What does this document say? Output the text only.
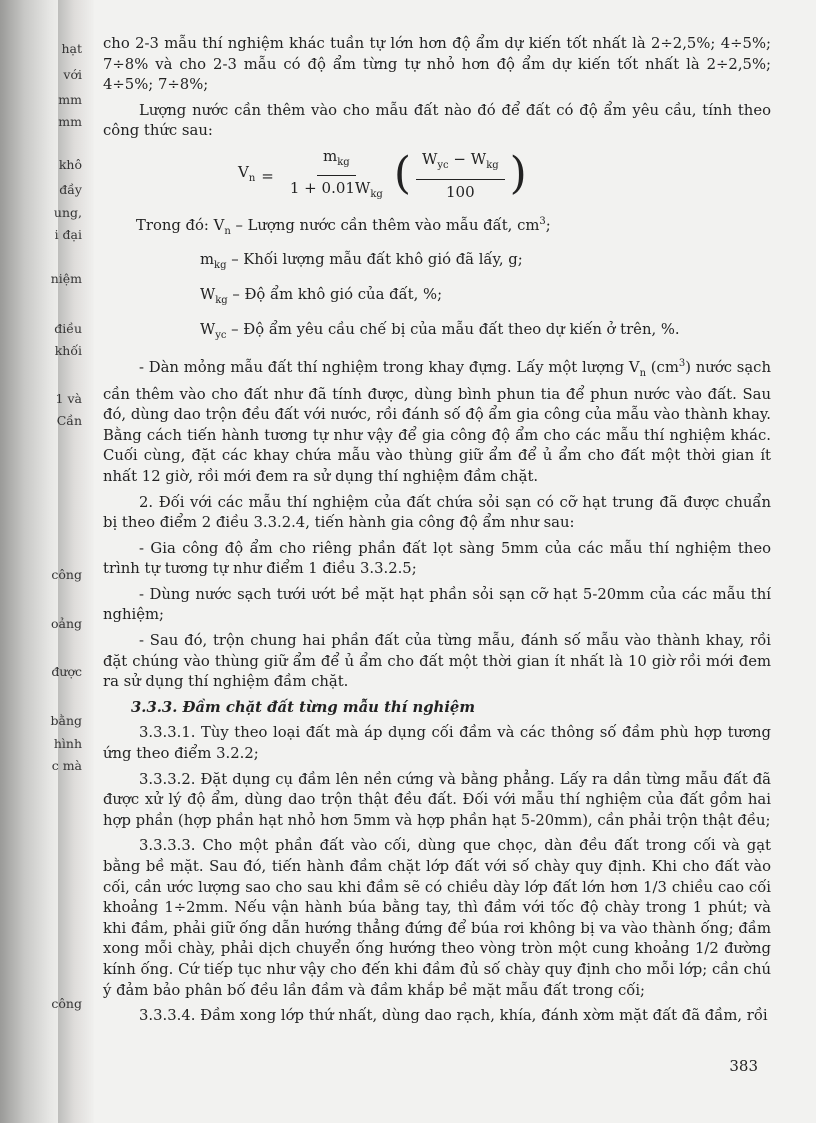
hạt
với
mm
mm
khô
đầy
ung,
i đại
niệm
điều
khối
1 và
Cần
công
oảng
được
bằng
hình
c mà
công

cho 2-3 mẫu thí nghiệm khác tuần tự lớn hơn độ ẩm dự kiến tốt nhất là 2÷2,5%; 4÷5%; 7÷8% và cho 2-3 mẫu có độ ẩm từng tự nhỏ hơn độ ẩm dự kiến tốt nhất là 2÷2,5%; 4÷5%; 7÷8%;

Lượng nước cần thêm vào cho mẫu đất nào đó để đất có độ ẩm yêu cầu, tính theo công thức sau:

$V_n = \frac{m_{kg}}{1 + 0.01W_{kg}}$ ( $\frac{W_{yc} - W_{kg}}{100}$ )
Trong đó: $V_n$ – Lượng nước cần thêm vào mẫu đất, $cm^3$;
$m_{kg}$ – Khối lượng mẫu đất khô gió đã lấy, g;
$W_{kg}$ – Độ ẩm khô gió của đất, %;
$W_{yc}$ – Độ ẩm yêu cầu chế bị của mẫu đất theo dự kiến ở trên, %.

- Dàn mỏng mẫu đất thí nghiệm trong khay đựng. Lấy một lượng $V_n$ $(cm^3)$ nước sạch cần thêm vào cho đất như đã tính được, dùng bình phun tia để phun nước vào đất. Sau đó, dùng dao trộn đều đất với nước, rồi đánh số độ ẩm gia công của mẫu vào thành khay. Bằng cách tiến hành tương tự như vậy để gia công độ ẩm cho các mẫu thí nghiệm khác. Cuối cùng, đặt các khay chứa mẫu vào thùng giữ ẩm để ủ ẩm cho đất một thời gian ít nhất 12 giờ, rồi mới đem ra sử dụng thí nghiệm đầm chặt.

2. Đối với các mẫu thí nghiệm của đất chứa sỏi sạn có cỡ hạt trung đã được chuẩn bị theo điểm 2 điều 3.3.2.4, tiến hành gia công độ ẩm như sau:

- Gia công độ ẩm cho riêng phần đất lọt sàng 5mm của các mẫu thí nghiệm theo trình tự tương tự như điểm 1 điều 3.3.2.5;

- Dùng nước sạch tưới ướt bề mặt hạt phần sỏi sạn cỡ hạt 5-20mm của các mẫu thí nghiệm;

- Sau đó, trộn chung hai phần đất của từng mẫu, đánh số mẫu vào thành khay, rồi đặt chúng vào thùng giữ ẩm để ủ ẩm cho đất một thời gian ít nhất là 10 giờ rồi mới đem ra sử dụng thí nghiệm đầm chặt.

3.3.3. Đầm chặt đất từng mẫu thí nghiệm

3.3.3.1. Tùy theo loại đất mà áp dụng cối đầm và các thông số đầm phù hợp tương ứng theo điểm 3.2.2;

3.3.3.2. Đặt dụng cụ đầm lên nền cứng và bằng phẳng. Lấy ra dần từng mẫu đất đã được xử lý độ ẩm, dùng dao trộn thật đều đất. Đối với mẫu thí nghiệm của đất gồm hai hợp phần (hợp phần hạt nhỏ hơn 5mm và hợp phần hạt 5-20mm), cần phải trộn thật đều;

3.3.3.3. Cho một phần đất vào cối, dùng que chọc, dàn đều đất trong cối và gạt bằng bề mặt. Sau đó, tiến hành đầm chặt lớp đất với số chày quy định. Khi cho đất vào cối, cần ước lượng sao cho sau khi đầm sẽ có chiều dày lớp đất lớn hơn 1/3 chiều cao cối khoảng 1÷2mm. Nếu vận hành búa bằng tay, thì đầm với tốc độ chày trong 1 phút; và khi đầm, phải giữ ống dẫn hướng thẳng đứng để búa rơi không bị va vào thành ống; đầm xong mỗi chày, phải dịch chuyển ống hướng theo vòng tròn một cung khoảng 1/2 đường kính ống. Cứ tiếp tục như vậy cho đến khi đầm đủ số chày quy định cho mỗi lớp; cần chú ý đảm bảo phân bố đều lần đầm và đầm khắp bề mặt mẫu đất trong cối;

3.3.3.4. Đầm xong lớp thứ nhất, dùng dao rạch, khía, đánh xờm mặt đất đã đầm, rồi

383
